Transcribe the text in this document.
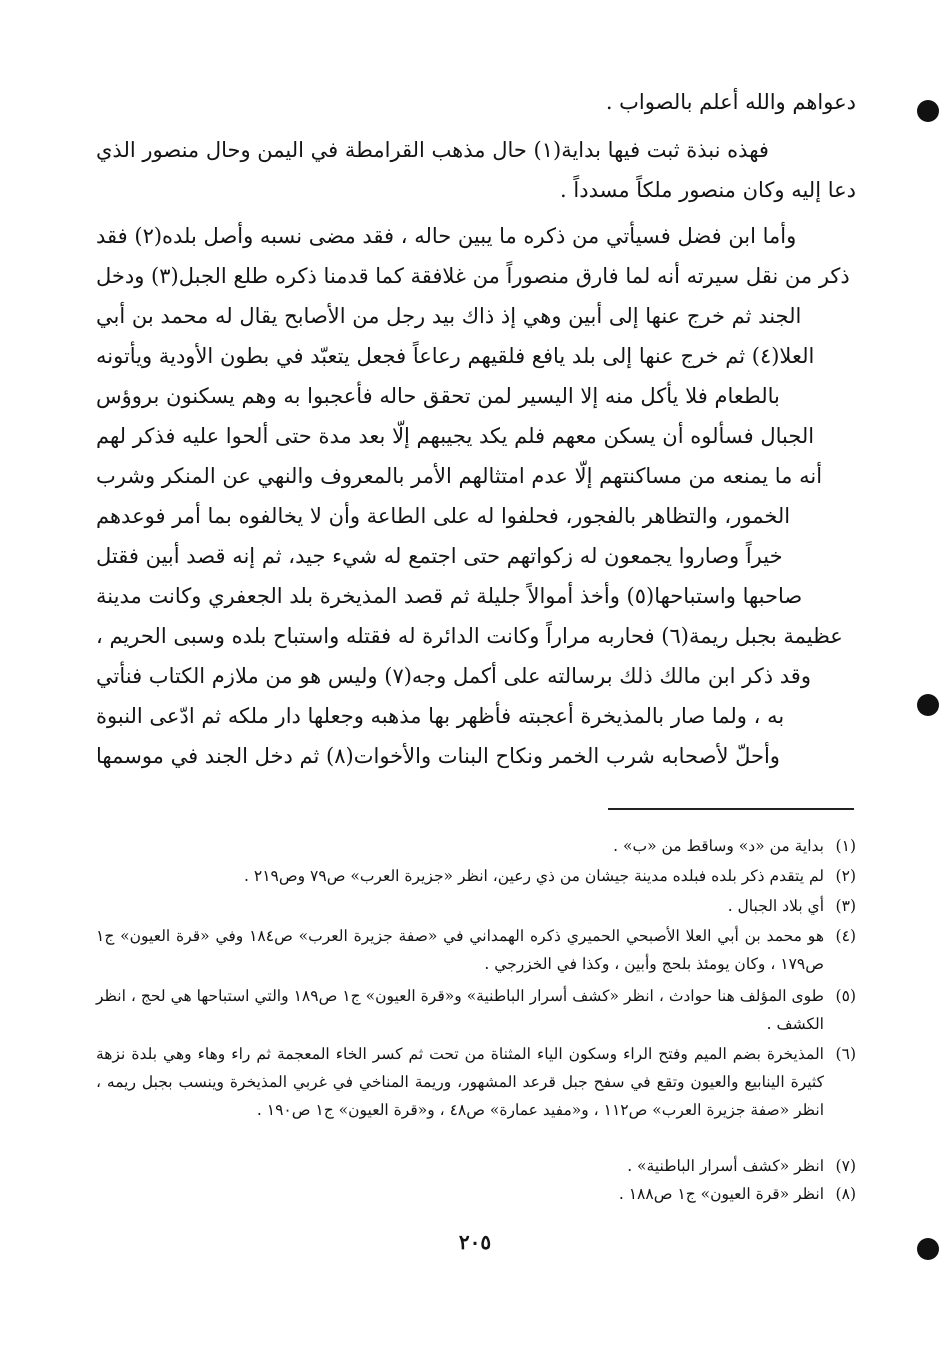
دعواهم والله أعلم بالصواب .
فهذه نبذة ثبت فيها بداية(١) حال مذهب القرامطة في اليمن وحال منصور الذي
دعا إليه وكان منصور ملكاً مسدداً .
وأما ابن فضل فسيأتي من ذكره ما يبين حاله ، فقد مضى نسبه وأصل بلده(٢) فقد
ذكر من نقل سيرته أنه لما فارق منصوراً من غلافقة كما قدمنا ذكره طلع الجبل(٣) ودخل
الجند ثم خرج عنها إلى أبين وهي إذ ذاك بيد رجل من الأصابح يقال له محمد بن أبي
العلا(٤) ثم خرج عنها إلى بلد يافع فلقيهم رعاعاً فجعل يتعبّد في بطون الأودية ويأتونه
بالطعام فلا يأكل منه إلا اليسير لمن تحقق حاله فأعجبوا به وهم يسكنون بروؤس
الجبال فسألوه أن يسكن معهم فلم يكد يجيبهم إلّا بعد مدة حتى ألحوا عليه فذكر لهم
أنه ما يمنعه من مساكنتهم إلّا عدم امتثالهم الأمر بالمعروف والنهي عن المنكر وشرب
الخمور، والتظاهر بالفجور، فحلفوا له على الطاعة وأن لا يخالفوه بما أمر فوعدهم
خيراً وصاروا يجمعون له زكواتهم حتى اجتمع له شيء جيد، ثم إنه قصد أبين فقتل
صاحبها واستباحها(٥) وأخذ أموالاً جليلة ثم قصد المذيخرة بلد الجعفري وكانت مدينة
عظيمة بجبل ريمة(٦) فحاربه مراراً وكانت الدائرة له فقتله واستباح بلده وسبى الحريم ،
وقد ذكر ابن مالك ذلك برسالته على أكمل وجه(٧) وليس هو من ملازم الكتاب فنأتي
به ، ولما صار بالمذيخرة أعجبته فأظهر بها مذهبه وجعلها دار ملكه ثم ادّعى النبوة
وأحلّ لأصحابه شرب الخمر ونكاح البنات والأخوات(٨) ثم دخل الجند في موسمها
(١)
بداية من «د» وساقط من «ب» .
(٢)
لم يتقدم ذكر بلده فبلده مدينة جيشان من ذي رعين، انظر «جزيرة العرب» ص٧٩ وص٢١٩ .
(٣)
أي بلاد الجبال .
(٤)
هو محمد بن أبي العلا الأصبحي الحميري ذكره الهمداني في «صفة جزيرة العرب» ص١٨٤ وفي «قرة العيون» ج١ ص١٧٩ ، وكان يومئذ بلحج وأبين ، وكذا في الخزرجي .
(٥)
طوى المؤلف هنا حوادث ، انظر «كشف أسرار الباطنية» و«قرة العيون» ج١ ص١٨٩ والتي استباحها هي لحج ، انظر الكشف .
(٦)
المذيخرة بضم الميم وفتح الراء وسكون الياء المثناة من تحت ثم كسر الخاء المعجمة ثم راء وهاء وهي بلدة نزهة كثيرة الينابيع والعيون وتقع في سفح جبل قرعد المشهور، وريمة المناخي في غربي المذيخرة وينسب بجبل ريمه ، انظر «صفة جزيرة العرب» ص١١٢ ، و«مفيد عمارة» ص٤٨ ، و«قرة العيون» ج١ ص١٩٠ .
(٧)
انظر «كشف أسرار الباطنية» .
(٨)
انظر «قرة العيون» ج١ ص١٨٨ .
٢٠٥
